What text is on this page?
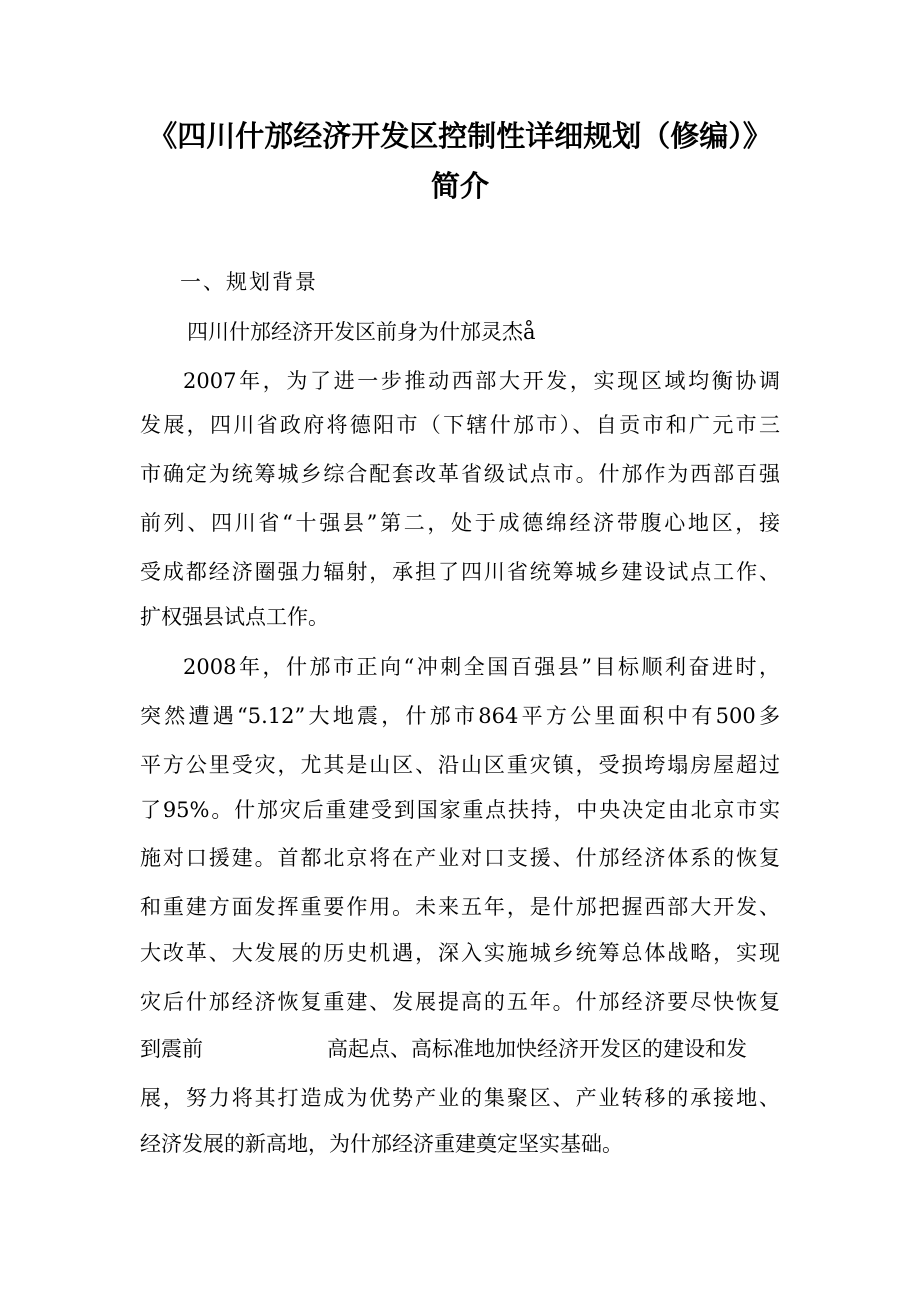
《四川什邡经济开发区控制性详细规划（修编）》
简介
一、规划背景
四川什邡经济开发区前身为什邡灵杰å
2007年，为了进一步推动西部大开发，实现区域均衡协调
发展，四川省政府将德阳市（下辖什邡市）、自贡市和广元市三
市确定为统筹城乡综合配套改革省级试点市。什邡作为西部百强
前列、四川省“十强县”第二，处于成德绵经济带腹心地区，接
受成都经济圈强力辐射，承担了四川省统筹城乡建设试点工作、
扩权强县试点工作。
2008年，什邡市正向“冲刺全国百强县”目标顺利奋进时，
突然遭遇“5.12”大地震，什邡市864平方公里面积中有500多
平方公里受灾，尤其是山区、沿山区重灾镇，受损垮塌房屋超过
了95%。什邡灾后重建受到国家重点扶持，中央决定由北京市实
施对口援建。首都北京将在产业对口支援、什邡经济体系的恢复
和重建方面发挥重要作用。未来五年，是什邡把握西部大开发、
大改革、大发展的历史机遇，深入实施城乡统筹总体战略，实现
灾后什邡经济恢复重建、发展提高的五年。什邡经济要尽快恢复
到震前	高起点、高标准地加快经济开发区的建设和发
展，努力将其打造成为优势产业的集聚区、产业转移的承接地、
经济发展的新高地，为什邡经济重建奠定坚实基础。
